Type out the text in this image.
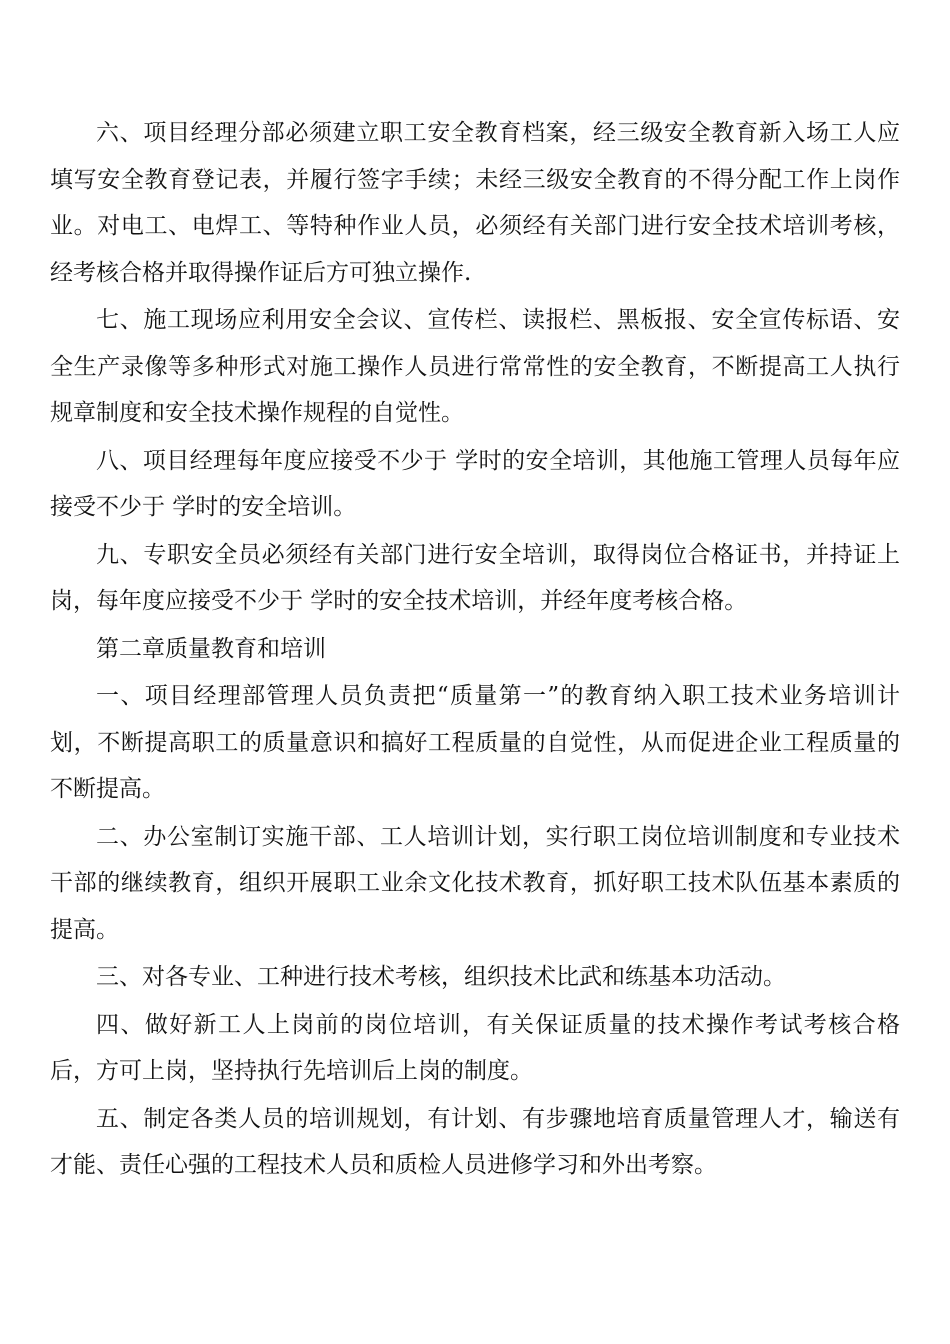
六、项目经理分部必须建立职工安全教育档案，经三级安全教育新入场工人应填写安全教育登记表，并履行签字手续；未经三级安全教育的不得分配工作上岗作业。对电工、电焊工、等特种作业人员，必须经有关部门进行安全技术培训考核，经考核合格并取得操作证后方可独立操作.

七、施工现场应利用安全会议、宣传栏、读报栏、黑板报、安全宣传标语、安全生产录像等多种形式对施工操作人员进行常常性的安全教育，不断提高工人执行规章制度和安全技术操作规程的自觉性。

八、项目经理每年度应接受不少于 学时的安全培训，其他施工管理人员每年应接受不少于 学时的安全培训。

九、专职安全员必须经有关部门进行安全培训，取得岗位合格证书，并持证上岗，每年度应接受不少于 学时的安全技术培训，并经年度考核合格。

第二章质量教育和培训

一、项目经理部管理人员负责把“质量第一”的教育纳入职工技术业务培训计划，不断提高职工的质量意识和搞好工程质量的自觉性，从而促进企业工程质量的不断提高。

二、办公室制订实施干部、工人培训计划，实行职工岗位培训制度和专业技术干部的继续教育，组织开展职工业余文化技术教育，抓好职工技术队伍基本素质的提高。

三、对各专业、工种进行技术考核，组织技术比武和练基本功活动。

四、做好新工人上岗前的岗位培训，有关保证质量的技术操作考试考核合格后，方可上岗，坚持执行先培训后上岗的制度。

五、制定各类人员的培训规划，有计划、有步骤地培育质量管理人才，输送有才能、责任心强的工程技术人员和质检人员进修学习和外出考察。
